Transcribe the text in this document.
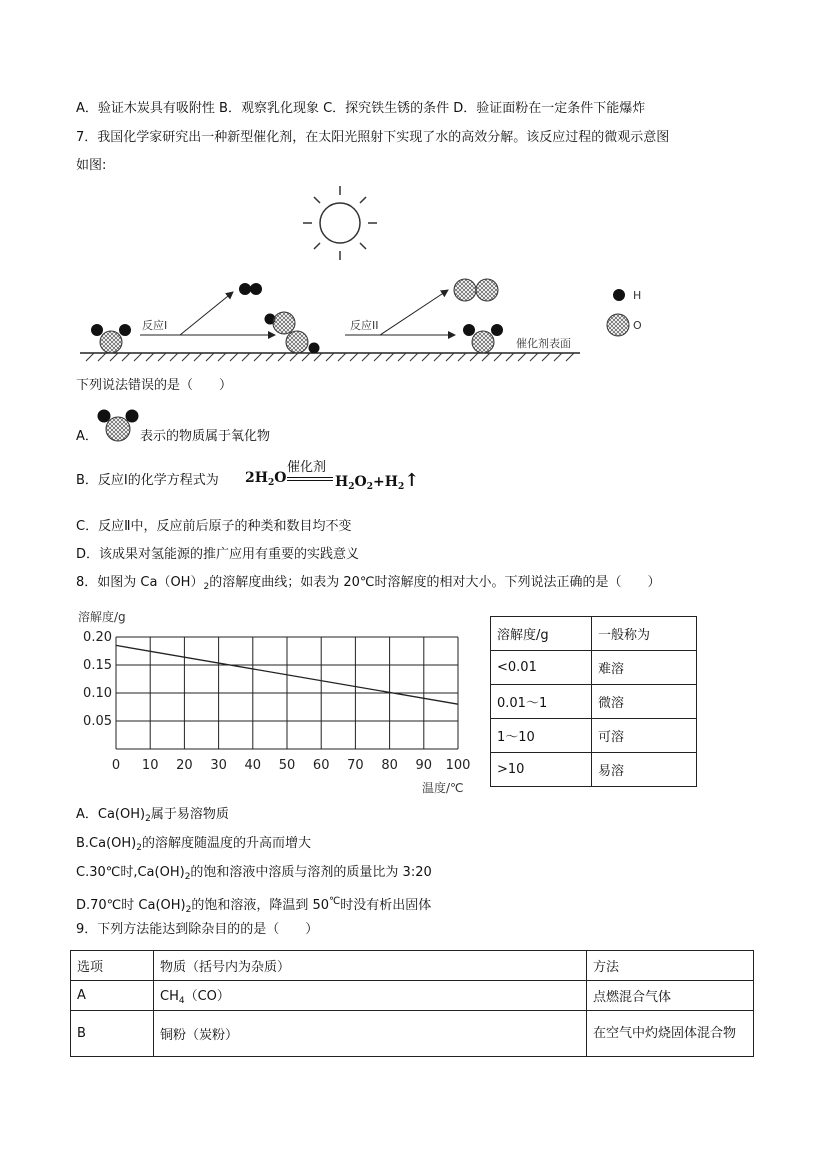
A．验证木炭具有吸附性 B．观察乳化现象 C．探究铁生锈的条件 D．验证面粉在一定条件下能爆炸
7．我国化学家研究出一种新型催化剂，在太阳光照射下实现了水的高效分解。该反应过程的微观示意图
如图:
反应I	反应II
催化剂表面
H
O
下列说法错误的是（　　）
A．	表示的物质属于氧化物
B．反应Ⅰ的化学方程式为 $2H_2O$
催化剂
$H_2O_2+H_2↑$
C．反应Ⅱ中，反应前后原子的种类和数目均不变
D．该成果对氢能源的推广应用有重要的实践意义
8．如图为 $Ca(OH)_2$的溶解度曲线；如表为 20℃时溶解度的相对大小。下列说法正确的是（　　）
溶解度/g
温度/℃
0 10 20 30 40 50 60 70 80 90 100
0.20
0.15
0.10
0.05
溶解度/g	一般称为
<0.01	难溶
0.01～1	微溶
1～10	可溶
>10	易溶
A．$Ca(OH)_2$属于易溶物质
$B.Ca(OH)_2$的溶解度随温度的升高而增大
C.30℃时$,Ca(OH)_2$的饱和溶液中溶质与溶剂的质量比为 3:20
D.70℃时 $Ca(OH)_2$的饱和溶液，降温到 50℃时没有析出固体
9．下列方法能达到除杂目的的是（　　）
选项	物质（括号内为杂质）	方法
A	$CH_4(CO)$	点燃混合气体
B	铜粉（炭粉）	在空气中灼烧固体混合物
